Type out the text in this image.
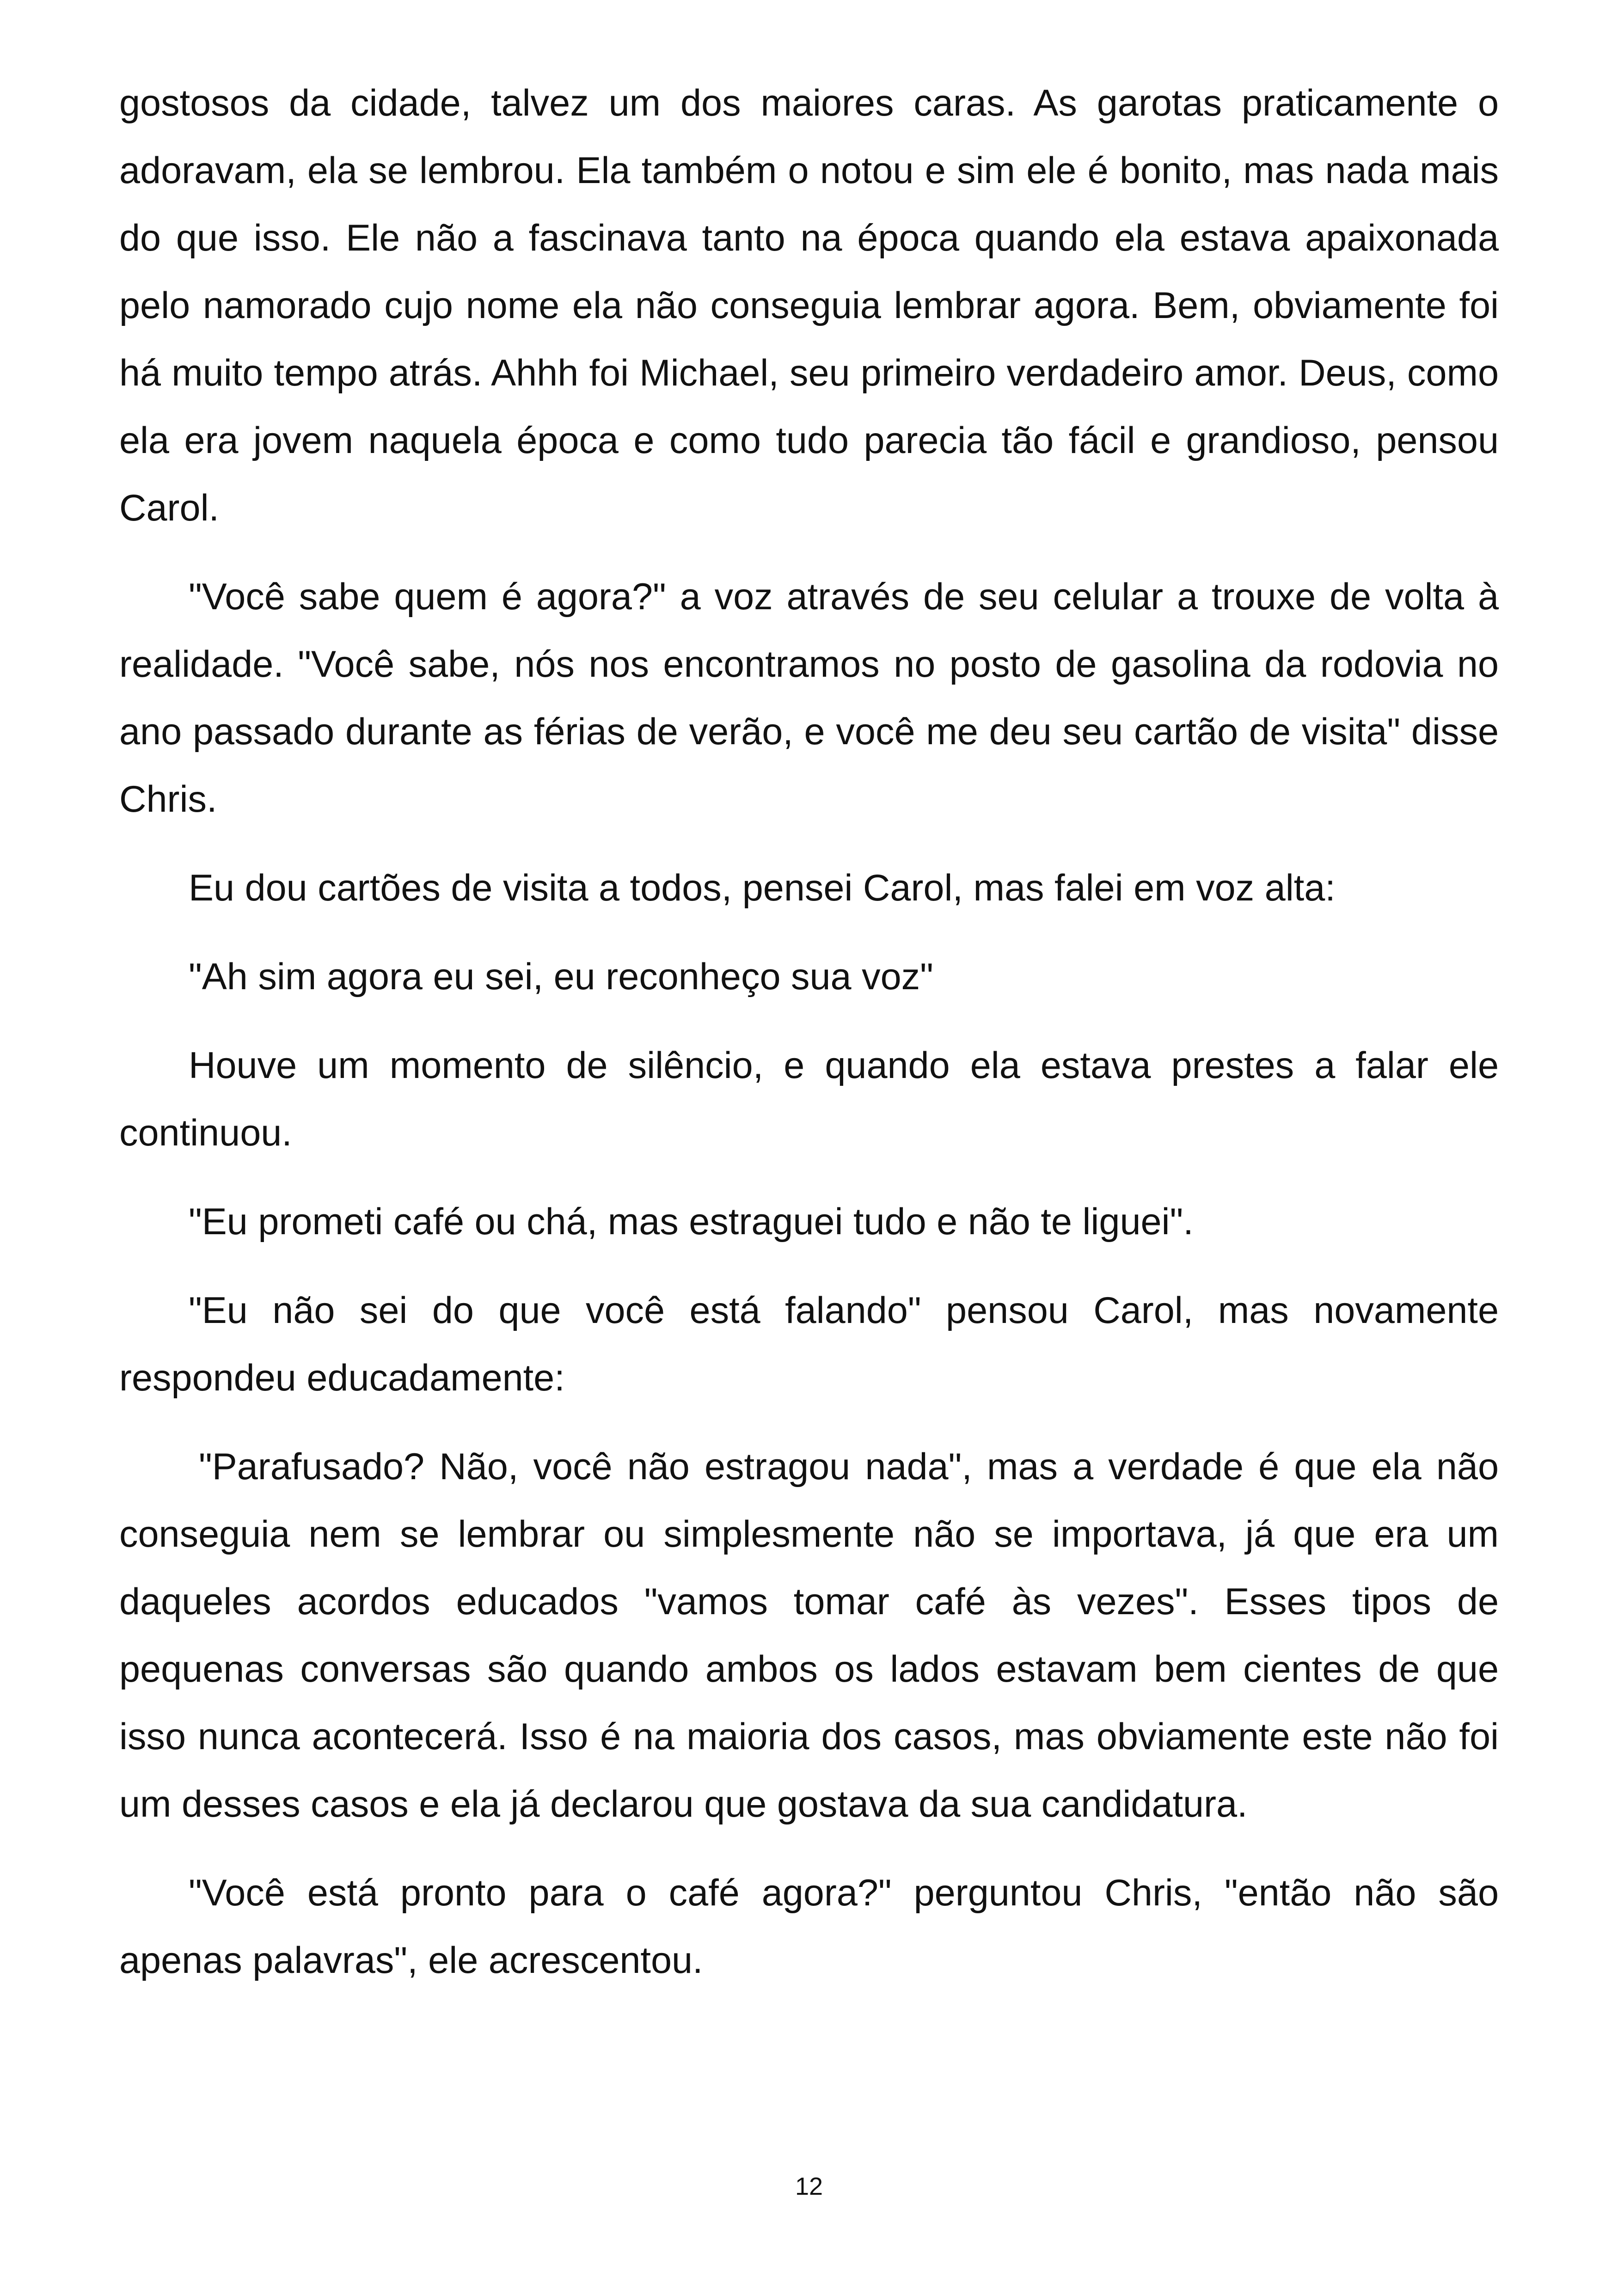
gostosos da cidade, talvez um dos maiores caras. As garotas praticamente o adoravam, ela se lembrou. Ela também o notou e sim ele é bonito, mas nada mais do que isso. Ele não a fascinava tanto na época quando ela estava apaixonada pelo namorado cujo nome ela não conseguia lembrar agora. Bem, obviamente foi há muito tempo atrás. Ahhh foi Michael, seu primeiro verdadeiro amor. Deus, como ela era jovem naquela época e como tudo parecia tão fácil e grandioso, pensou Carol.

"Você sabe quem é agora?" a voz através de seu celular a trouxe de volta à realidade. "Você sabe, nós nos encontramos no posto de gasolina da rodovia no ano passado durante as férias de verão, e você me deu seu cartão de visita" disse Chris.

Eu dou cartões de visita a todos, pensei Carol, mas falei em voz alta:

"Ah sim agora eu sei, eu reconheço sua voz"

Houve um momento de silêncio, e quando ela estava prestes a falar ele continuou.

"Eu prometi café ou chá, mas estraguei tudo e não te liguei".

"Eu não sei do que você está falando" pensou Carol, mas novamente respondeu educadamente:

"Parafusado? Não, você não estragou nada", mas a verdade é que ela não conseguia nem se lembrar ou simplesmente não se importava, já que era um daqueles acordos educados "vamos tomar café às vezes". Esses tipos de pequenas conversas são quando ambos os lados estavam bem cientes de que isso nunca acontecerá. Isso é na maioria dos casos, mas obviamente este não foi um desses casos e ela já declarou que gostava da sua candidatura.

"Você está pronto para o café agora?" perguntou Chris, "então não são apenas palavras", ele acrescentou.

12
